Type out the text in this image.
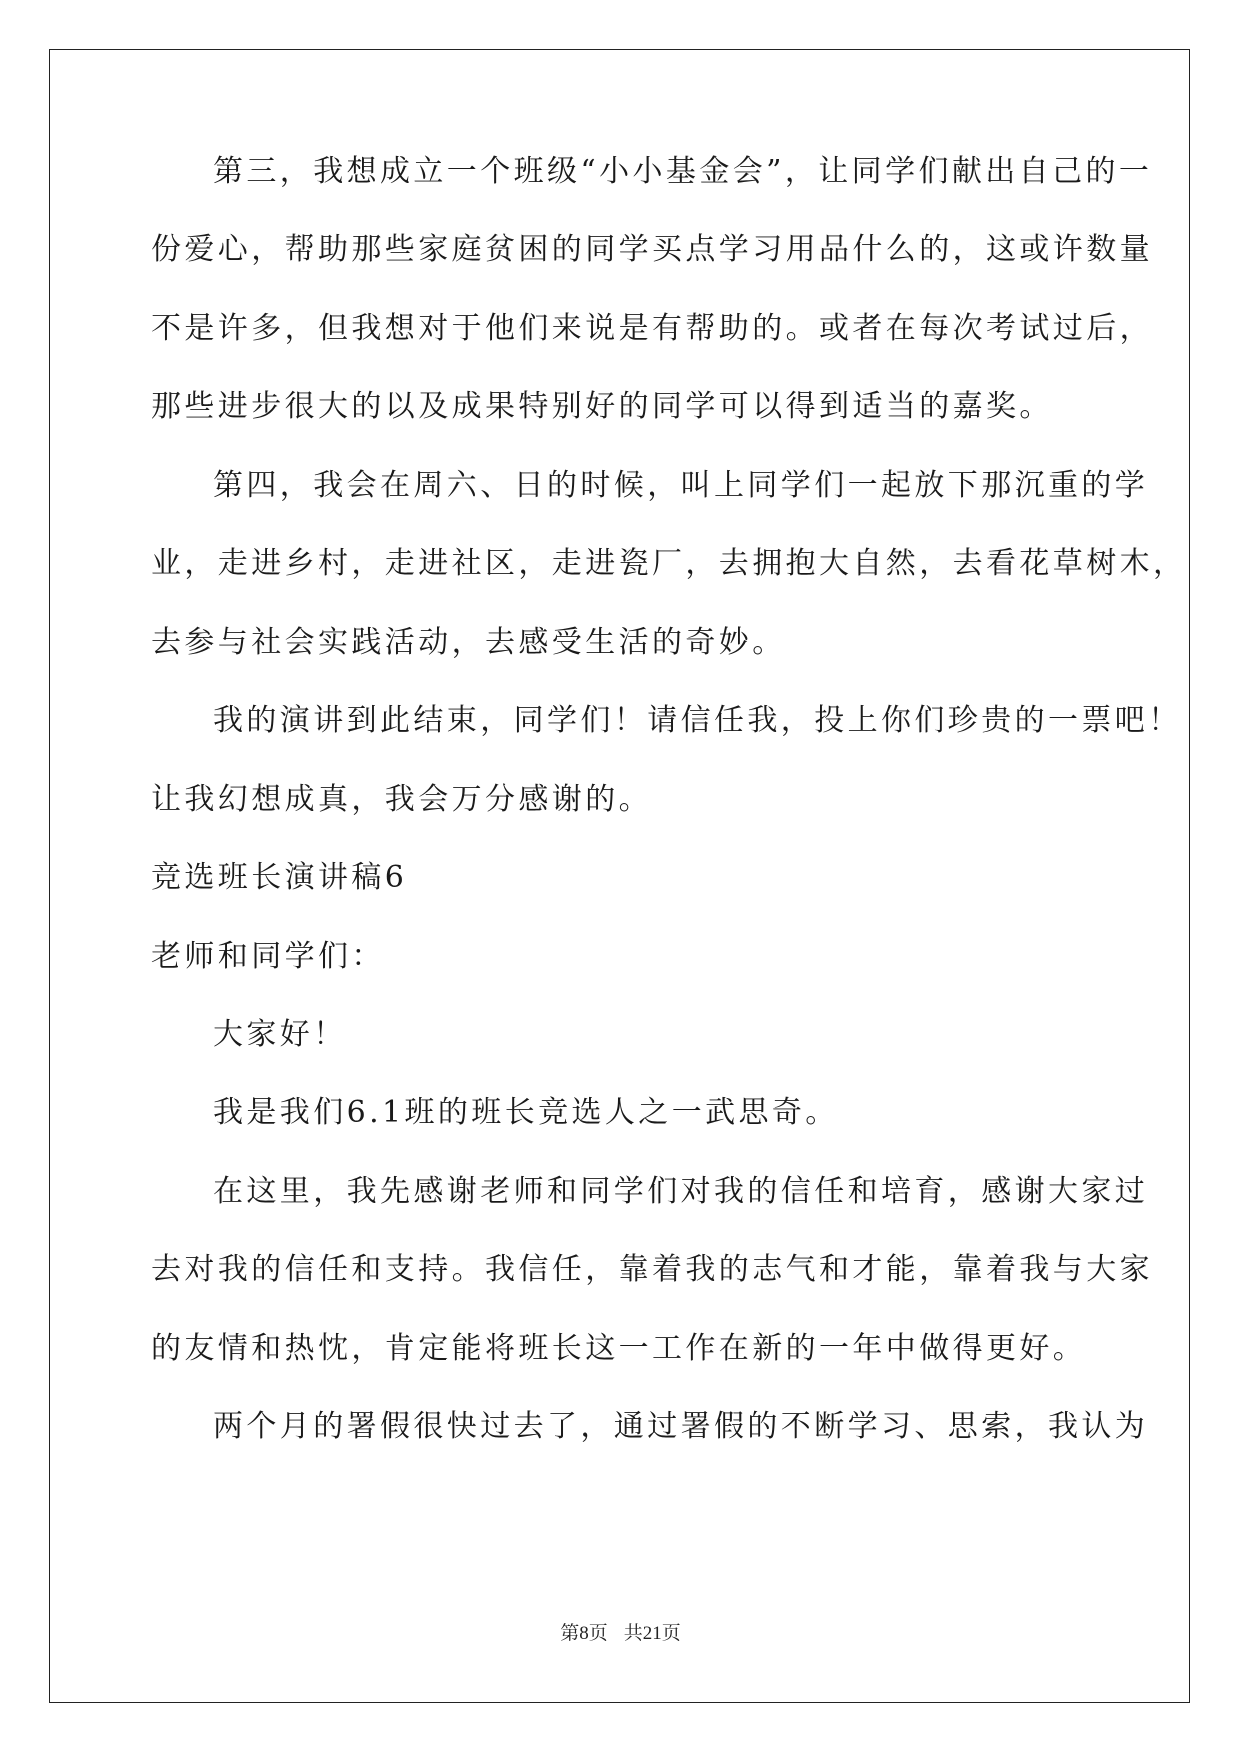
第三，我想成立一个班级“小小基金会”，让同学们献出自己的一
份爱心，帮助那些家庭贫困的同学买点学习用品什么的，这或许数量
不是许多，但我想对于他们来说是有帮助的。或者在每次考试过后，
那些进步很大的以及成果特别好的同学可以得到适当的嘉奖。
第四，我会在周六、日的时候，叫上同学们一起放下那沉重的学
业，走进乡村，走进社区，走进瓷厂，去拥抱大自然，去看花草树木，
去参与社会实践活动，去感受生活的奇妙。
我的演讲到此结束，同学们！请信任我，投上你们珍贵的一票吧！
让我幻想成真，我会万分感谢的。
竞选班长演讲稿6
老师和同学们：
大家好！
我是我们6.1班的班长竞选人之一武思奇。
在这里，我先感谢老师和同学们对我的信任和培育，感谢大家过
去对我的信任和支持。我信任，靠着我的志气和才能，靠着我与大家
的友情和热忱，肯定能将班长这一工作在新的一年中做得更好。
两个月的署假很快过去了，通过署假的不断学习、思索，我认为
第8页 共21页
